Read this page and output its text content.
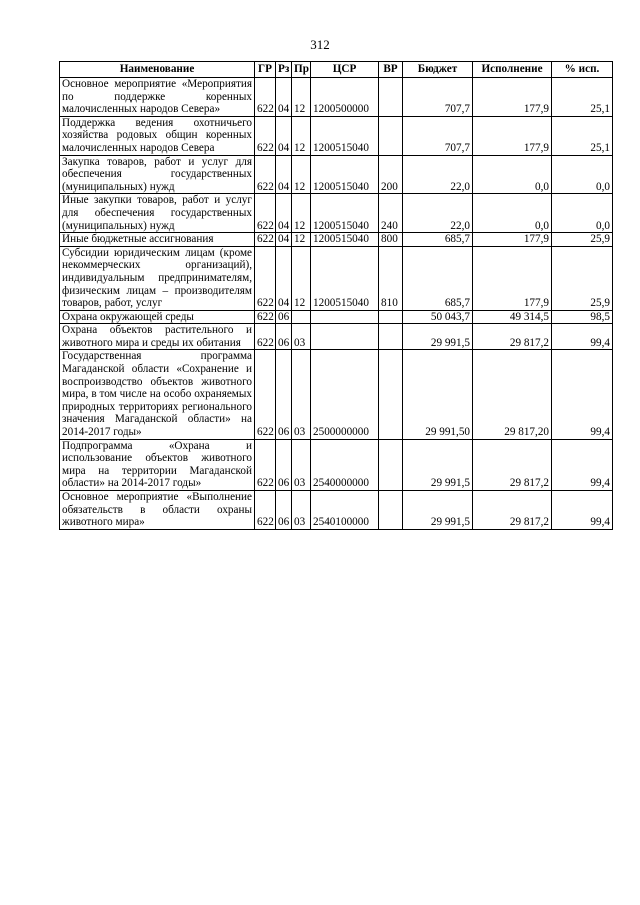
312
Наименование	ГР	Рз	Пр	ЦСР	ВР	Бюджет	Исполнение	% исп.
Основное мероприятие «Мероприятия по поддержке коренных малочисленных народов Севера»	622	04	12	1200500000		707,7	177,9	25,1
Поддержка ведения охотничьего хозяйства родовых общин коренных малочисленных народов Севера	622	04	12	1200515040		707,7	177,9	25,1
Закупка товаров, работ и услуг для обеспечения государственных (муниципальных) нужд	622	04	12	1200515040	200	22,0	0,0	0,0
Иные закупки товаров, работ и услуг для обеспечения государственных (муниципальных) нужд	622	04	12	1200515040	240	22,0	0,0	0,0
Иные бюджетные ассигнования	622	04	12	1200515040	800	685,7	177,9	25,9
Субсидии юридическим лицам (кроме некоммерческих организаций), индивидуальным предпринимателям, физическим лицам – производителям товаров, работ, услуг	622	04	12	1200515040	810	685,7	177,9	25,9
Охрана окружающей среды	622	06				50 043,7	49 314,5	98,5
Охрана объектов растительного и животного мира и среды их обитания	622	06	03			29 991,5	29 817,2	99,4
Государственная программа Магаданской области «Сохранение и воспроизводство объектов животного мира, в том числе на особо охраняемых природных территориях регионального значения Магаданской области» на 2014-2017 годы»	622	06	03	2500000000		29 991,50	29 817,20	99,4
Подпрограмма «Охрана и использование объектов животного мира на территории Магаданской области» на 2014-2017 годы»	622	06	03	2540000000		29 991,5	29 817,2	99,4
Основное мероприятие «Выполнение обязательств в области охраны животного мира»	622	06	03	2540100000		29 991,5	29 817,2	99,4
